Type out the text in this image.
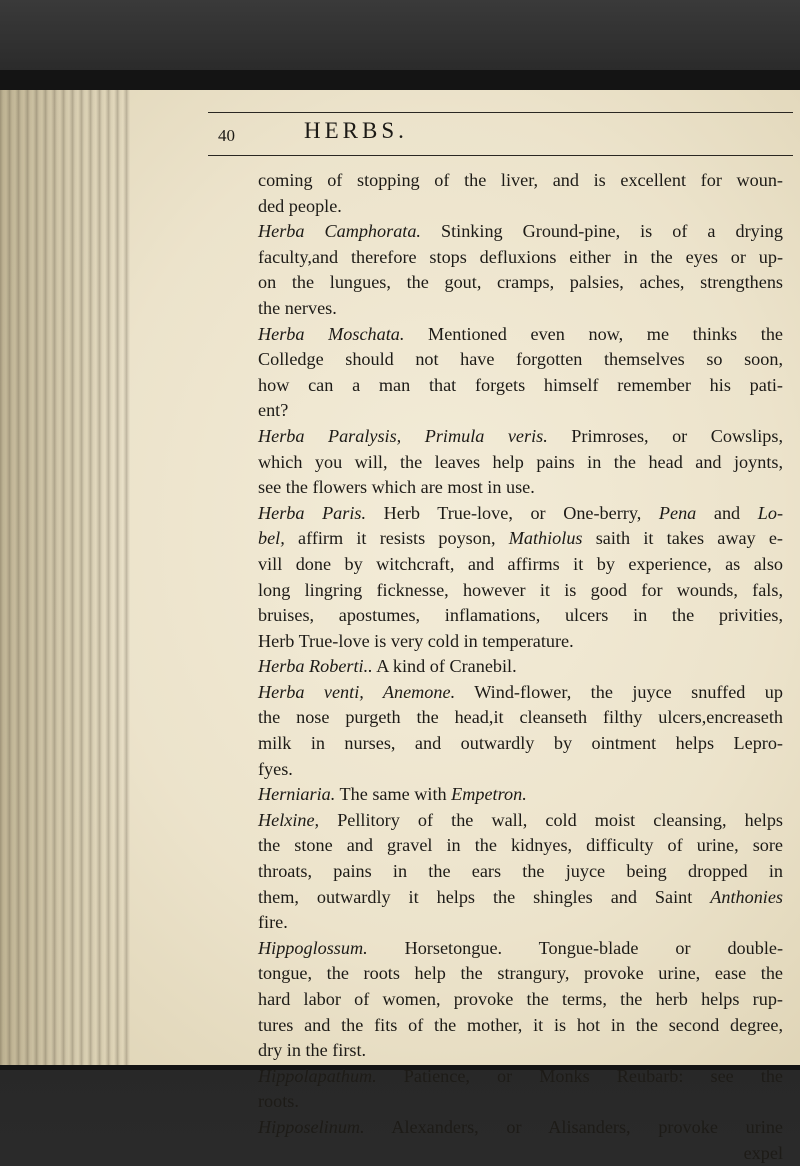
40	HERBS.
coming of stopping of the liver, and is excellent for woun-
ded people.
Herba Camphorata. Stinking Ground-pine, is of a drying
faculty,and therefore stops defluxions either in the eyes or up-
on the lungues, the gout, cramps, palsies, aches, strengthens
the nerves.
Herba Moschata. Mentioned even now, me thinks the
Colledge should not have forgotten themselves so soon,
how can a man that forgets himself remember his pati-
ent?
Herba Paralysis, Primula veris. Primroses, or Cowslips,
which you will, the leaves help pains in the head and joynts,
see the flowers which are most in use.
Herba Paris. Herb True-love, or One-berry, Pena and Lo-
bel, affirm it resists poyson, Mathiolus saith it takes away e-
vill done by witchcraft, and affirms it by experience, as also
long lingring ficknesse, however it is good for wounds, fals,
bruises, apostumes, inflamations, ulcers in the privities,
Herb True-love is very cold in temperature.
Herba Roberti.. A kind of Cranebil.
Herba venti, Anemone. Wind-flower, the juyce snuffed up
the nose purgeth the head,it cleanseth filthy ulcers,encreaseth
milk in nurses, and outwardly by ointment helps Lepro-
fyes.
Herniaria. The same with Empetron.
Helxine, Pellitory of the wall, cold moist cleansing, helps
the stone and gravel in the kidnyes, difficulty of urine, sore
throats, pains in the ears the juyce being dropped in
them, outwardly it helps the shingles and Saint Anthonies
fire.
Hippoglossum. Horsetongue. Tongue-blade or double-
tongue, the roots help the strangury, provoke urine, ease the
hard labor of women, provoke the terms, the herb helps rup-
tures and the fits of the mother, it is hot in the second degree,
dry in the first.
Hippolapathum. Patience, or Monks Reubarb: see the
roots.
Hipposelinum. Alexanders, or Alisanders, provoke urine
expel
